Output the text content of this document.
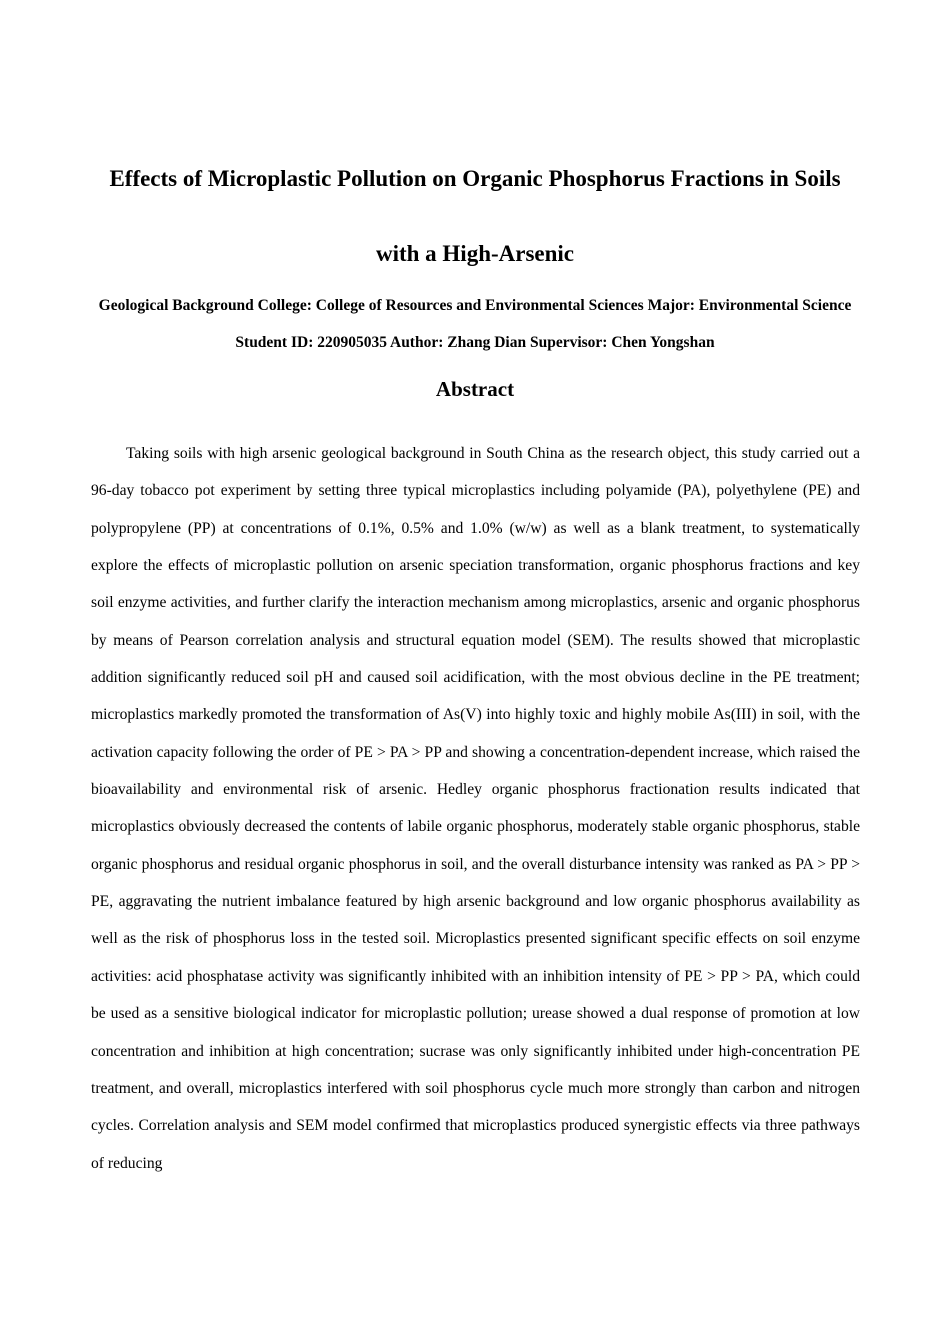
Effects of Microplastic Pollution on Organic Phosphorus Fractions in Soils
with a High-Arsenic

Geological Background College: College of Resources and Environmental Sciences Major: Environmental Science Student ID: 220905035 Author: Zhang Dian Supervisor: Chen Yongshan

Abstract

Taking soils with high arsenic geological background in South China as the research object, this study carried out a 96-day tobacco pot experiment by setting three typical microplastics including polyamide (PA), polyethylene (PE) and polypropylene (PP) at concentrations of 0.1%, 0.5% and 1.0% (w/w) as well as a blank treatment, to systematically explore the effects of microplastic pollution on arsenic speciation transformation, organic phosphorus fractions and key soil enzyme activities, and further clarify the interaction mechanism among microplastics, arsenic and organic phosphorus by means of Pearson correlation analysis and structural equation model (SEM). The results showed that microplastic addition significantly reduced soil pH and caused soil acidification, with the most obvious decline in the PE treatment; microplastics markedly promoted the transformation of As(V) into highly toxic and highly mobile As(III) in soil, with the activation capacity following the order of PE > PA > PP and showing a concentration-dependent increase, which raised the bioavailability and environmental risk of arsenic. Hedley organic phosphorus fractionation results indicated that microplastics obviously decreased the contents of labile organic phosphorus, moderately stable organic phosphorus, stable organic phosphorus and residual organic phosphorus in soil, and the overall disturbance intensity was ranked as PA > PP > PE, aggravating the nutrient imbalance featured by high arsenic background and low organic phosphorus availability as well as the risk of phosphorus loss in the tested soil. Microplastics presented significant specific effects on soil enzyme activities: acid phosphatase activity was significantly inhibited with an inhibition intensity of PE > PP > PA, which could be used as a sensitive biological indicator for microplastic pollution; urease showed a dual response of promotion at low concentration and inhibition at high concentration; sucrase was only significantly inhibited under high-concentration PE treatment, and overall, microplastics interfered with soil phosphorus cycle much more strongly than carbon and nitrogen cycles. Correlation analysis and SEM model confirmed that microplastics produced synergistic effects via three pathways of reducing
